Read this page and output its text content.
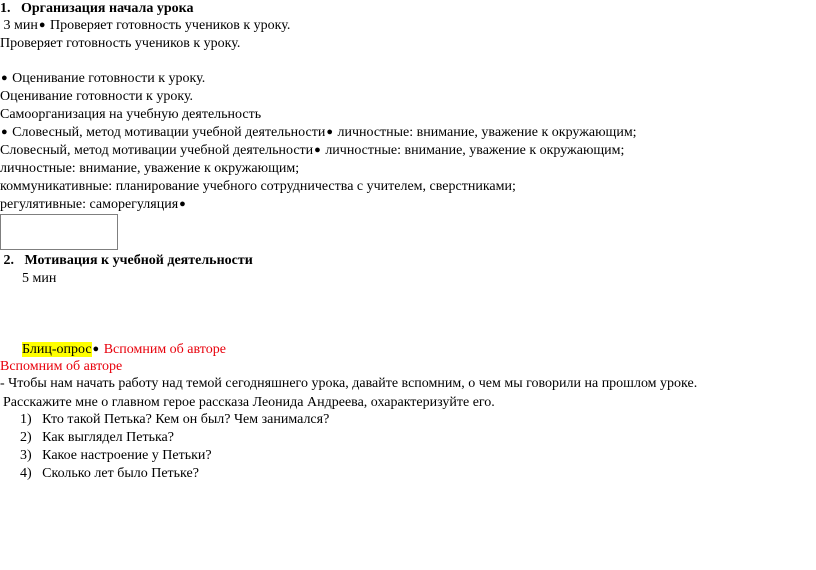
1. Организация начала урока
3 мин● Проверяет готовность учеников к уроку.
Проверяет готовность учеников к уроку.
● Оценивание готовности к уроку.
Оценивание готовности к уроку.
Самоорганизация на учебную деятельность
● Словесный, метод мотивации учебной деятельности● личностные: внимание, уважение к окружающим;
Словесный, метод мотивации учебной деятельности● личностные: внимание, уважение к окружающим;
личностные: внимание, уважение к окружающим;
коммуникативные: планирование учебного сотрудничества с учителем, сверстниками;
регулятивные: саморегуляция●
2. Мотивация к учебной деятельности
5 мин
Блиц-опрос● Вспомним об авторе
Вспомним об авторе
- Чтобы нам начать работу над темой сегодняшнего урока, давайте вспомним, о чем мы говорили на прошлом уроке.
Расскажите мне о главном герое рассказа Леонида Андреева, охарактеризуйте его.
1) Кто такой Петька? Кем он был? Чем занимался?
2) Как выглядел Петька?
3) Какое настроение у Петьки?
4) Сколько лет было Петьке?
